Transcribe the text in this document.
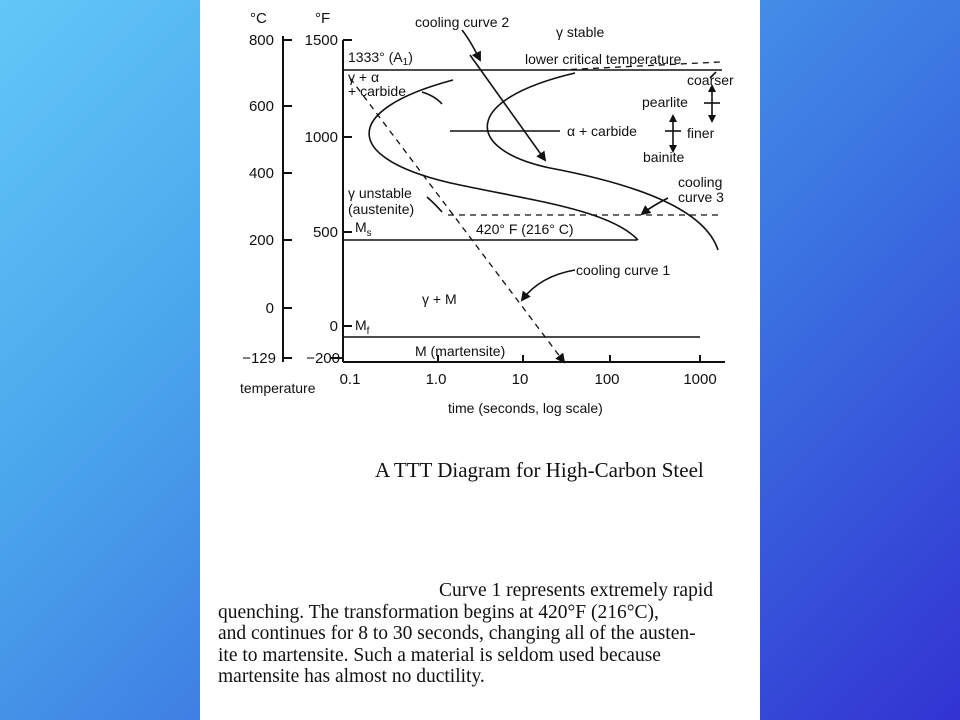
°C	°F
800
600
400
200
0
−129
1500
1000
500
0
−200
0.1	1.0	10	100	1000
temperature
time (seconds, log scale)
cooling curve 2
γ stable
1333° $(A_1)$	lower critical temperature
coarser
γ + α
+ carbide
pearlite
α + carbide	finer
bainite
cooling
curve 3
γ unstable
(austenite)
$M_s$	420° F (216° C)
cooling curve 1
γ + M
$M_f$
M (martensite)
A TTT Diagram for High-Carbon Steel
Curve 1 represents extremely rapid
quenching. The transformation begins at 420°F (216°C),
and continues for 8 to 30 seconds, changing all of the austen-
ite to martensite. Such a material is seldom used because
martensite has almost no ductility.
